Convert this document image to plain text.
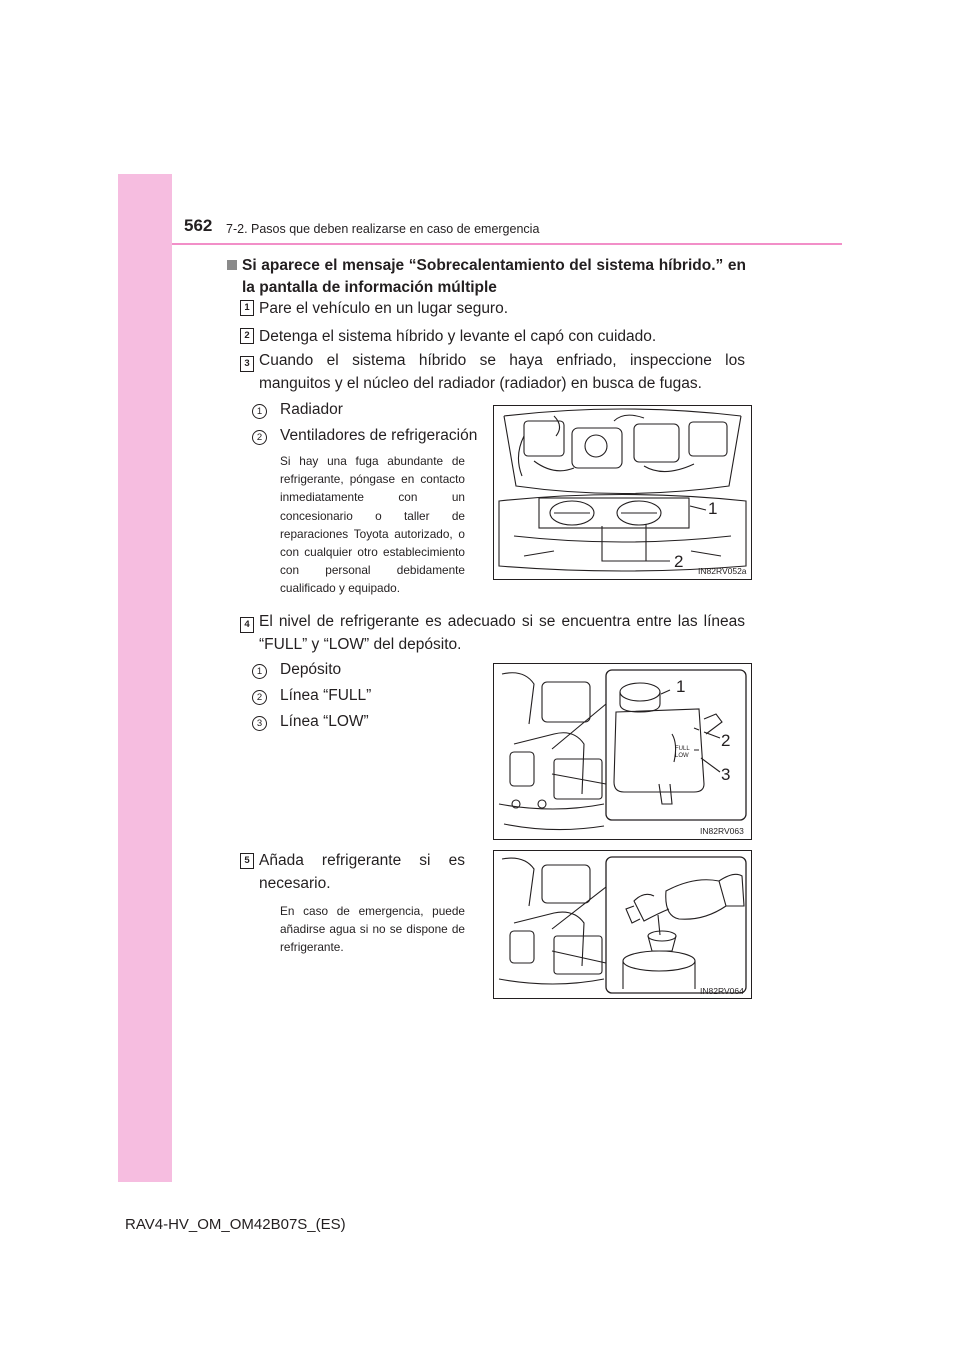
562 7-2. Pasos que deben realizarse en caso de emergencia
Si aparece el mensaje “Sobrecalentamiento del sistema híbrido.” en la pantalla de información múltiple
1 Pare el vehículo en un lugar seguro.
2 Detenga el sistema híbrido y levante el capó con cuidado.
3 Cuando el sistema híbrido se haya enfriado, inspeccione los manguitos y el núcleo del radiador (radiador) en busca de fugas.
1	Radiador
2	Ventiladores de refrigeración
Si hay una fuga abundante de refrigerante, póngase en contacto inmediatamente con un concesionario o taller de reparaciones Toyota autorizado, o con cualquier otro establecimiento con personal debidamente cualificado y equipado.
1
2 IN82RV052a
4 El nivel de refrigerante es adecuado si se encuentra entre las líneas “FULL” y “LOW” del depósito.
1	Depósito
2	Línea “FULL”
3	Línea “LOW”
1
2
3
FULL
LOW
IN82RV063
5 Añada refrigerante si es necesario.
En caso de emergencia, puede añadirse agua si no se dispone de refrigerante.
IN82RV064
RAV4-HV_OM_OM42B07S_(ES)
